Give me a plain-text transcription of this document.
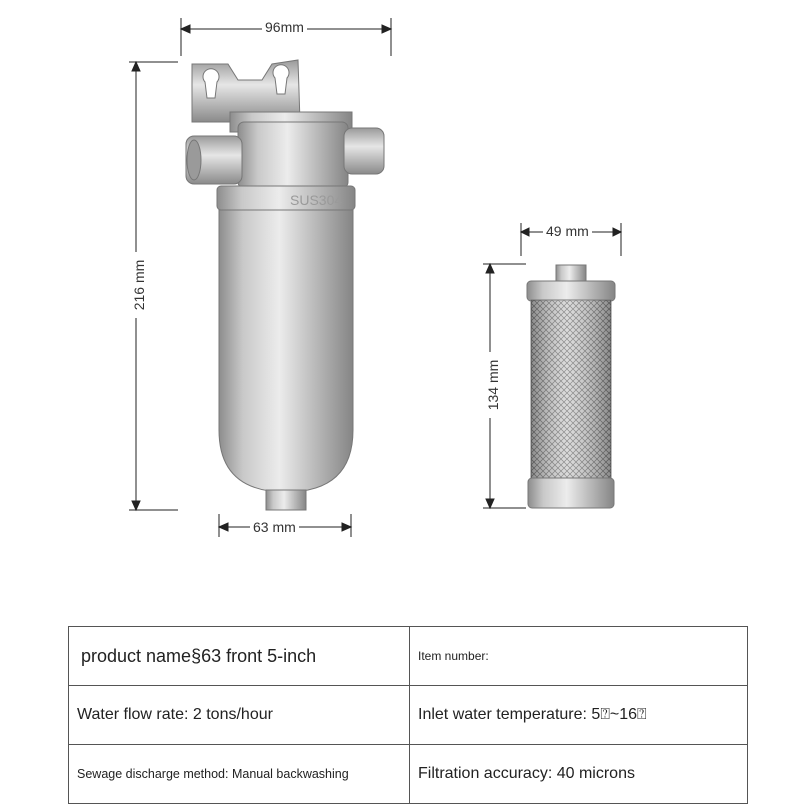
SUS304
96mm
216 mm
63 mm
49 mm
134 mm
product name§63 front 5-inch	Item number:
Water flow rate: 2 tons/hour	Inlet water temperature: 5⍰~16⍰
Sewage discharge method: Manual backwashing	Filtration accuracy: 40 microns
